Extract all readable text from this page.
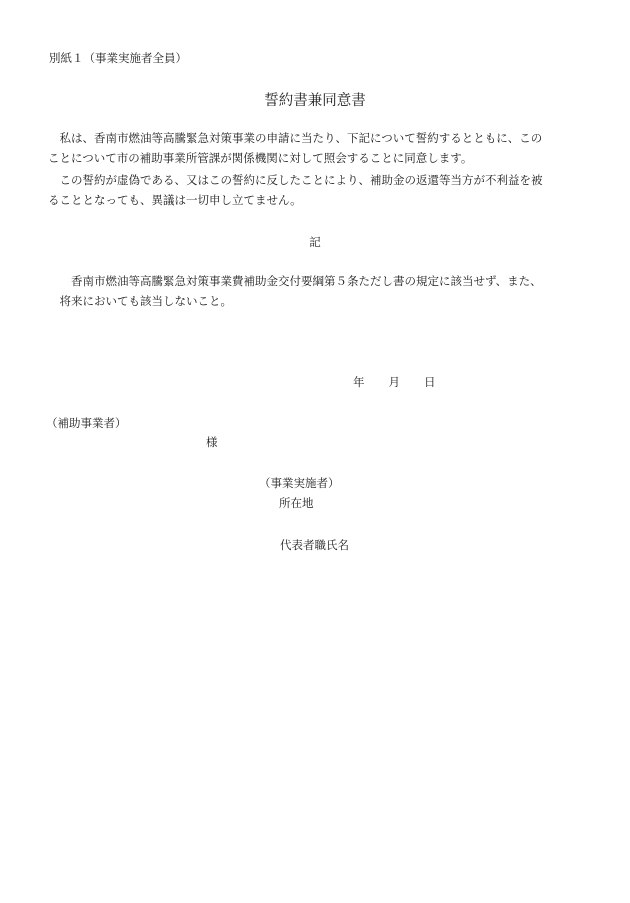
別紙１（事業実施者全員）
誓約書兼同意書
　私は、香南市燃油等高騰緊急対策事業の申請に当たり、下記について誓約するとともに、この
ことについて市の補助事業所管課が関係機関に対して照会することに同意します。
　この誓約が虚偽である、又はこの誓約に反したことにより、補助金の返還等当方が不利益を被
ることとなっても、異議は一切申し立てません。
記
　　香南市燃油等高騰緊急対策事業費補助金交付要綱第５条ただし書の規定に該当せず、また、
　将来においても該当しないこと。
年 月 日
（補助事業者）
様
（事業実施者）
所在地
代表者職氏名
